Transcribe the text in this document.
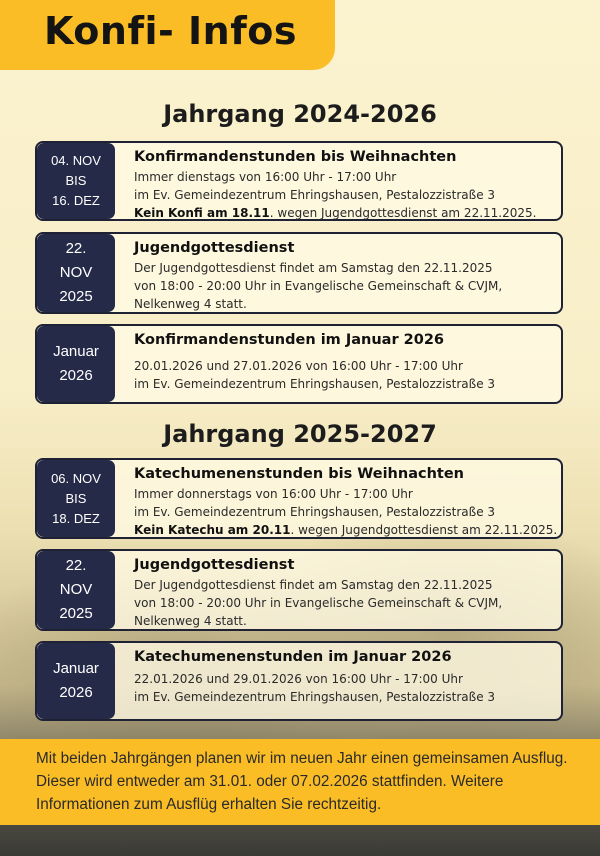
Konfi- Infos
Jahrgang 2024-2026
04. NOV
BIS
16. DEZ
Konfirmandenstunden bis Weihnachten
Immer dienstags von 16:00 Uhr - 17:00 Uhr
im Ev. Gemeindezentrum Ehringshausen, Pestalozzistraße 3
Kein Konfi am 18.11. wegen Jugendgottesdienst am 22.11.2025.
22.
NOV
2025
Jugendgottesdienst
Der Jugendgottesdienst findet am Samstag den 22.11.2025
von 18:00 - 20:00 Uhr in Evangelische Gemeinschaft & CVJM,
Nelkenweg 4 statt.
Januar
2026
Konfirmandenstunden im Januar 2026
20.01.2026 und 27.01.2026 von 16:00 Uhr - 17:00 Uhr
im Ev. Gemeindezentrum Ehringshausen, Pestalozzistraße 3
Jahrgang 2025-2027
06. NOV
BIS
18. DEZ
Katechumenenstunden bis Weihnachten
Immer donnerstags von 16:00 Uhr - 17:00 Uhr
im Ev. Gemeindezentrum Ehringshausen, Pestalozzistraße 3
Kein Katechu am 20.11. wegen Jugendgottesdienst am 22.11.2025.
22.
NOV
2025
Jugendgottesdienst
Der Jugendgottesdienst findet am Samstag den 22.11.2025
von 18:00 - 20:00 Uhr in Evangelische Gemeinschaft & CVJM,
Nelkenweg 4 statt.
Januar
2026
Katechumenenstunden im Januar 2026
22.01.2026 und 29.01.2026 von 16:00 Uhr - 17:00 Uhr
im Ev. Gemeindezentrum Ehringshausen, Pestalozzistraße 3

Mit beiden Jahrgängen planen wir im neuen Jahr einen gemeinsamen Ausflug. Dieser wird entweder am 31.01. oder 07.02.2026 stattfinden. Weitere Informationen zum Ausflüg erhalten Sie rechtzeitig.
